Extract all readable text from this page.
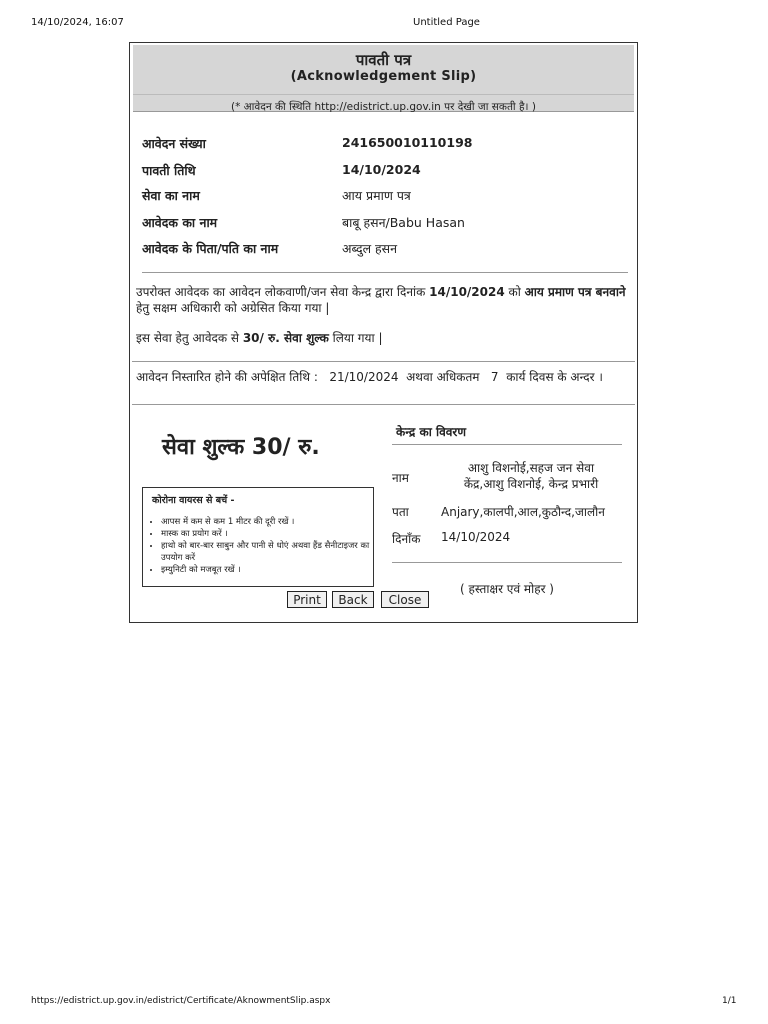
14/10/2024, 16:07	Untitled Page
पावती पत्र
(Acknowledgement Slip)
(* आवेदन की स्थिति http://edistrict.up.gov.in पर देखी जा सकती है। )
आवेदन संख्या	241650010110198
पावती तिथि	14/10/2024
सेवा का नाम	आय प्रमाण पत्र
आवेदक का नाम	बाबू हसन/Babu Hasan
आवेदक के पिता/पति का नाम	अब्दुल हसन
उपरोक्त आवेदक का आवेदन लोकवाणी/जन सेवा केन्द्र द्वारा दिनांक 14/10/2024 को आय प्रमाण पत्र बनवाने हेतु सक्षम अधिकारी को अग्रेसित किया गया |
इस सेवा हेतु आवेदक से 30/ रु. सेवा शुल्क लिया गया |
आवेदन निस्तारित होने की अपेक्षित तिथि : 21/10/2024 अथवा अधिकतम 7 कार्य दिवस के अन्दर ।
सेवा शुल्क 30/ रु.
कोरोना वायरस से बचें -
• आपस में कम से कम 1 मीटर की दूरी रखें ।
• मास्क का प्रयोग करें ।
• हाथो को बार-बार साबुन और पानी से धोएं अथवा हैंड सैनीटाइजर का उपयोग करें
• इम्युनिटी को मजबूत रखें ।
केन्द्र का विवरण
नाम
आशु विशनोई,सहज जन सेवा
केंद्र,आशु विशनोई, केन्द्र प्रभारी
पता	Anjary,कालपी,आल,कुठौन्द,जालौन
दिनाँक 14/10/2024
( हस्ताक्षर एवं मोहर )
Print	Back	Close
https://edistrict.up.gov.in/edistrict/Certificate/AknowmentSlip.aspx	1/1
